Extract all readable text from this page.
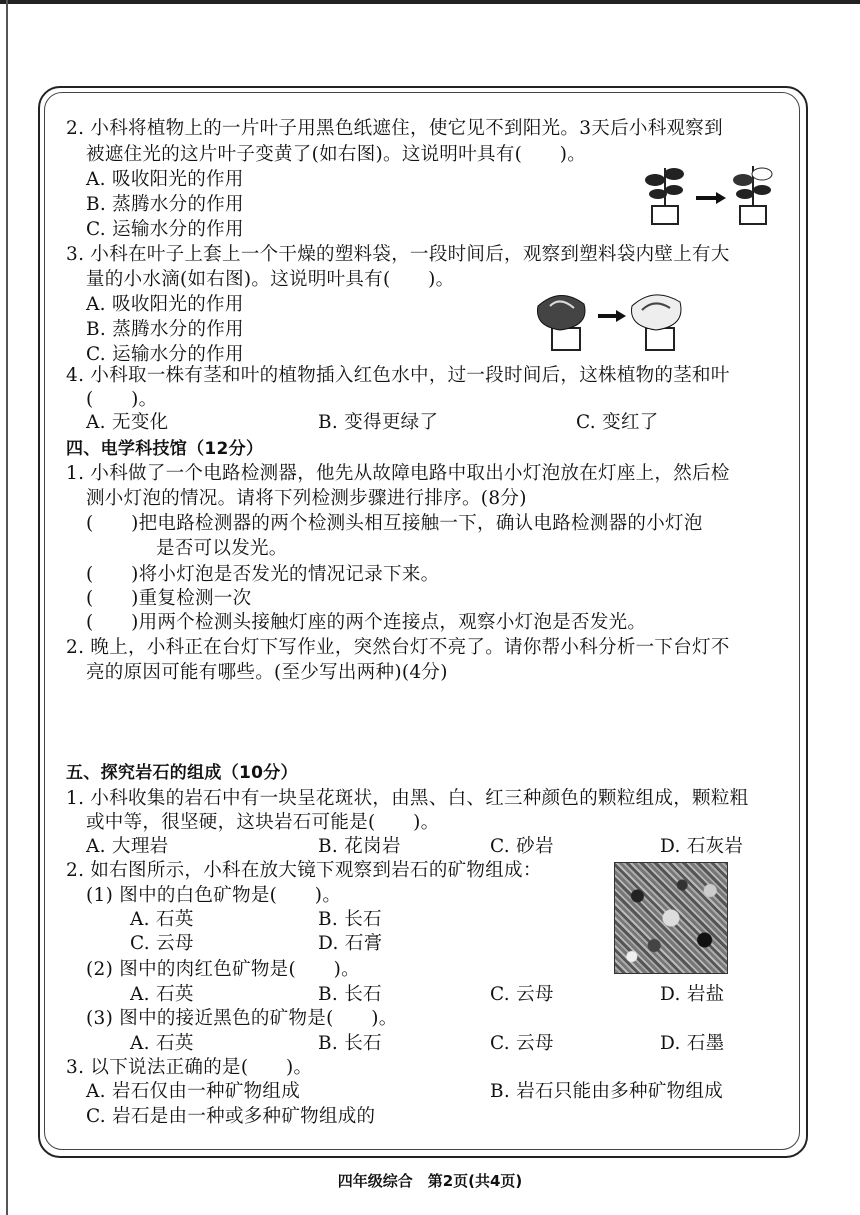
2. 小科将植物上的一片叶子用黑色纸遮住，使它见不到阳光。3天后小科观察到
被遮住光的这片叶子变黄了(如右图)。这说明叶具有(　　)。
A. 吸收阳光的作用
B. 蒸腾水分的作用
C. 运输水分的作用
3. 小科在叶子上套上一个干燥的塑料袋，一段时间后，观察到塑料袋内壁上有大
量的小水滴(如右图)。这说明叶具有(　　)。
A. 吸收阳光的作用
B. 蒸腾水分的作用
C. 运输水分的作用
4. 小科取一株有茎和叶的植物插入红色水中，过一段时间后，这株植物的茎和叶
(　　)。
A. 无变化	B. 变得更绿了	C. 变红了
四、电学科技馆（12分）
1. 小科做了一个电路检测器，他先从故障电路中取出小灯泡放在灯座上，然后检
测小灯泡的情况。请将下列检测步骤进行排序。(8分)
(　　)把电路检测器的两个检测头相互接触一下，确认电路检测器的小灯泡
是否可以发光。
(　　)将小灯泡是否发光的情况记录下来。
(　　)重复检测一次
(　　)用两个检测头接触灯座的两个连接点，观察小灯泡是否发光。
2. 晚上，小科正在台灯下写作业，突然台灯不亮了。请你帮小科分析一下台灯不
亮的原因可能有哪些。(至少写出两种)(4分)
五、探究岩石的组成（10分）
1. 小科收集的岩石中有一块呈花斑状，由黑、白、红三种颜色的颗粒组成，颗粒粗
或中等，很坚硬，这块岩石可能是(　　)。
A. 大理岩	B. 花岗岩	C. 砂岩	D. 石灰岩
2. 如右图所示，小科在放大镜下观察到岩石的矿物组成：
(1) 图中的白色矿物是(　　)。
A. 石英	B. 长石
C. 云母	D. 石膏
(2) 图中的肉红色矿物是(　　)。
A. 石英	B. 长石	C. 云母	D. 岩盐
(3) 图中的接近黑色的矿物是(　　)。
A. 石英	B. 长石	C. 云母	D. 石墨
3. 以下说法正确的是(　　)。
A. 岩石仅由一种矿物组成	B. 岩石只能由多种矿物组成
C. 岩石是由一种或多种矿物组成的
四年级综合　第2页(共4页)
